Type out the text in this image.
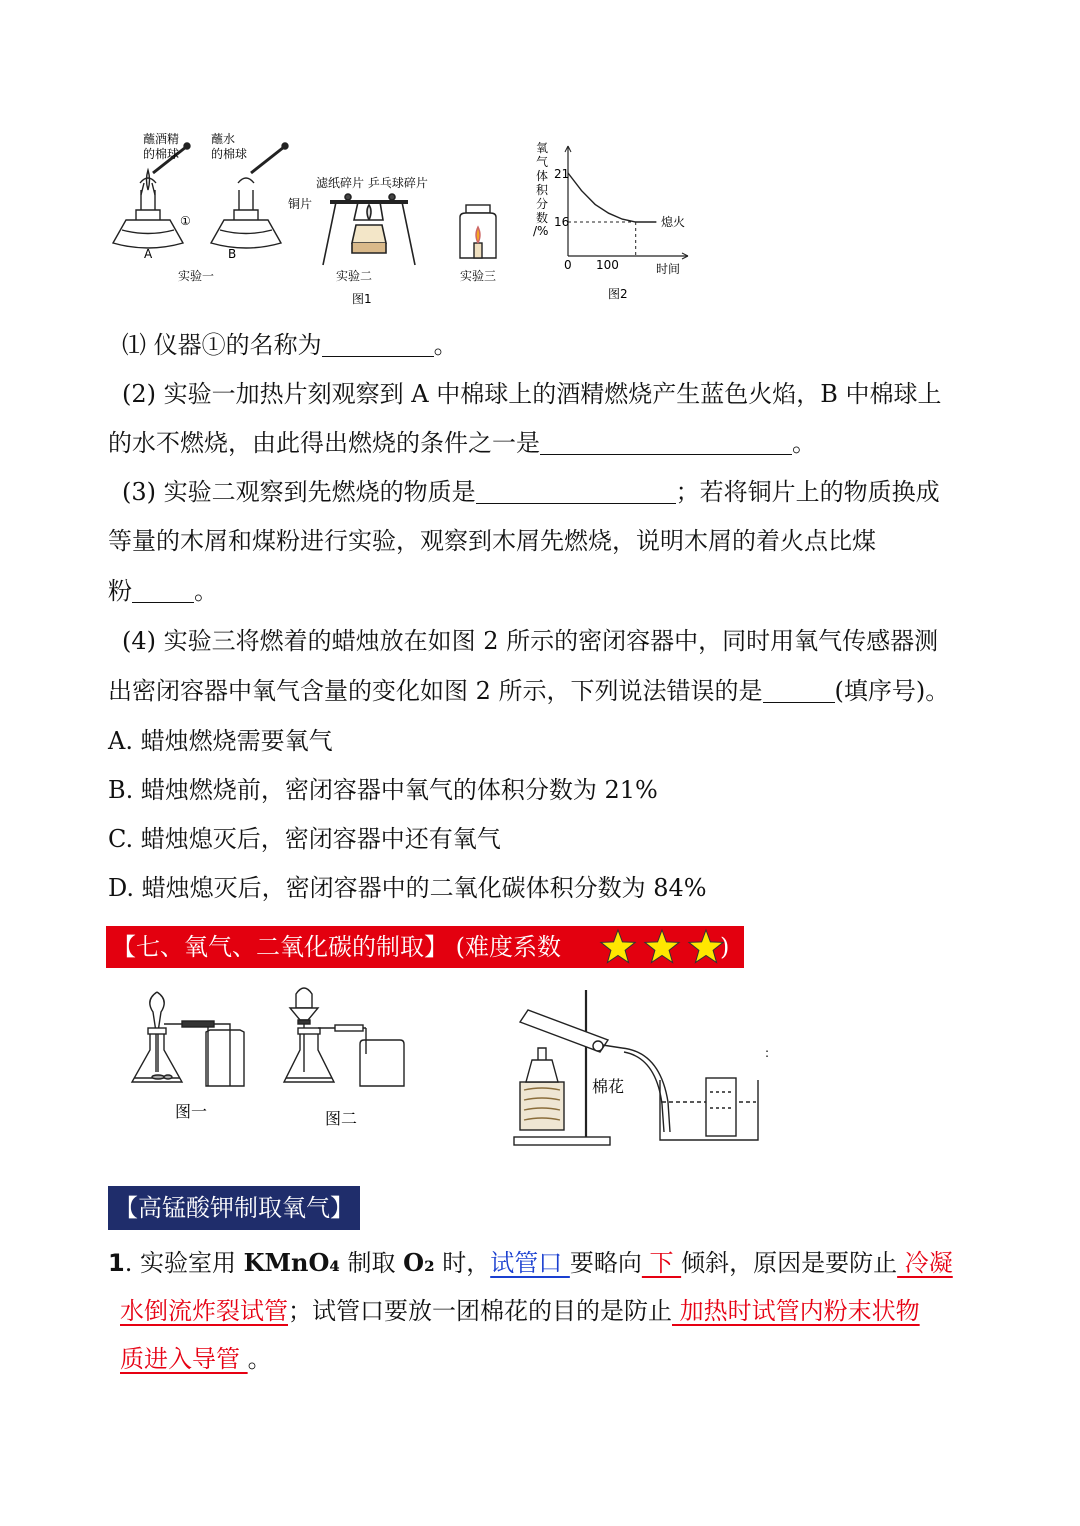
蘸酒精
的棉球
①
A
蘸水
的棉球
B
实验一
滤纸碎片 乒乓球碎片
铜片
实验二
图1
实验三
氧
气
体
积
分
数
/%
21
16
0 100	时间
熄火
图2
⑴ 仪器①的名称为	。
(2) 实验一加热片刻观察到 A 中棉球上的酒精燃烧产生蓝色火焰，B 中棉球上
的水不燃烧，由此得出燃烧的条件之一是	。
(3) 实验二观察到先燃烧的物质是	；若将铜片上的物质换成
等量的木屑和煤粉进行实验，观察到木屑先燃烧，说明木屑的着火点比煤
粉	。
(4) 实验三将燃着的蜡烛放在如图 2 所示的密闭容器中，同时用氧气传感器测
出密闭容器中氧气含量的变化如图 2 所示，下列说法错误的是	(填序号)。
A. 蜡烛燃烧需要氧气
B. 蜡烛燃烧前，密闭容器中氧气的体积分数为 21%
C. 蜡烛熄灭后，密闭容器中还有氧气
D. 蜡烛熄灭后，密闭容器中的二氧化碳体积分数为 84%
【七、氧气、二氧化碳的制取】 (难度系数	)
图一	图二
棉花
:
【高锰酸钾制取氧气】
1. 实验室用 KMnO₄ 制取 O₂ 时，试管口 要略向 下 倾斜，原因是要防止 冷凝
水倒流炸裂试管；试管口要放一团棉花的目的是防止 加热时试管内粉末状物
质进入导管 。
